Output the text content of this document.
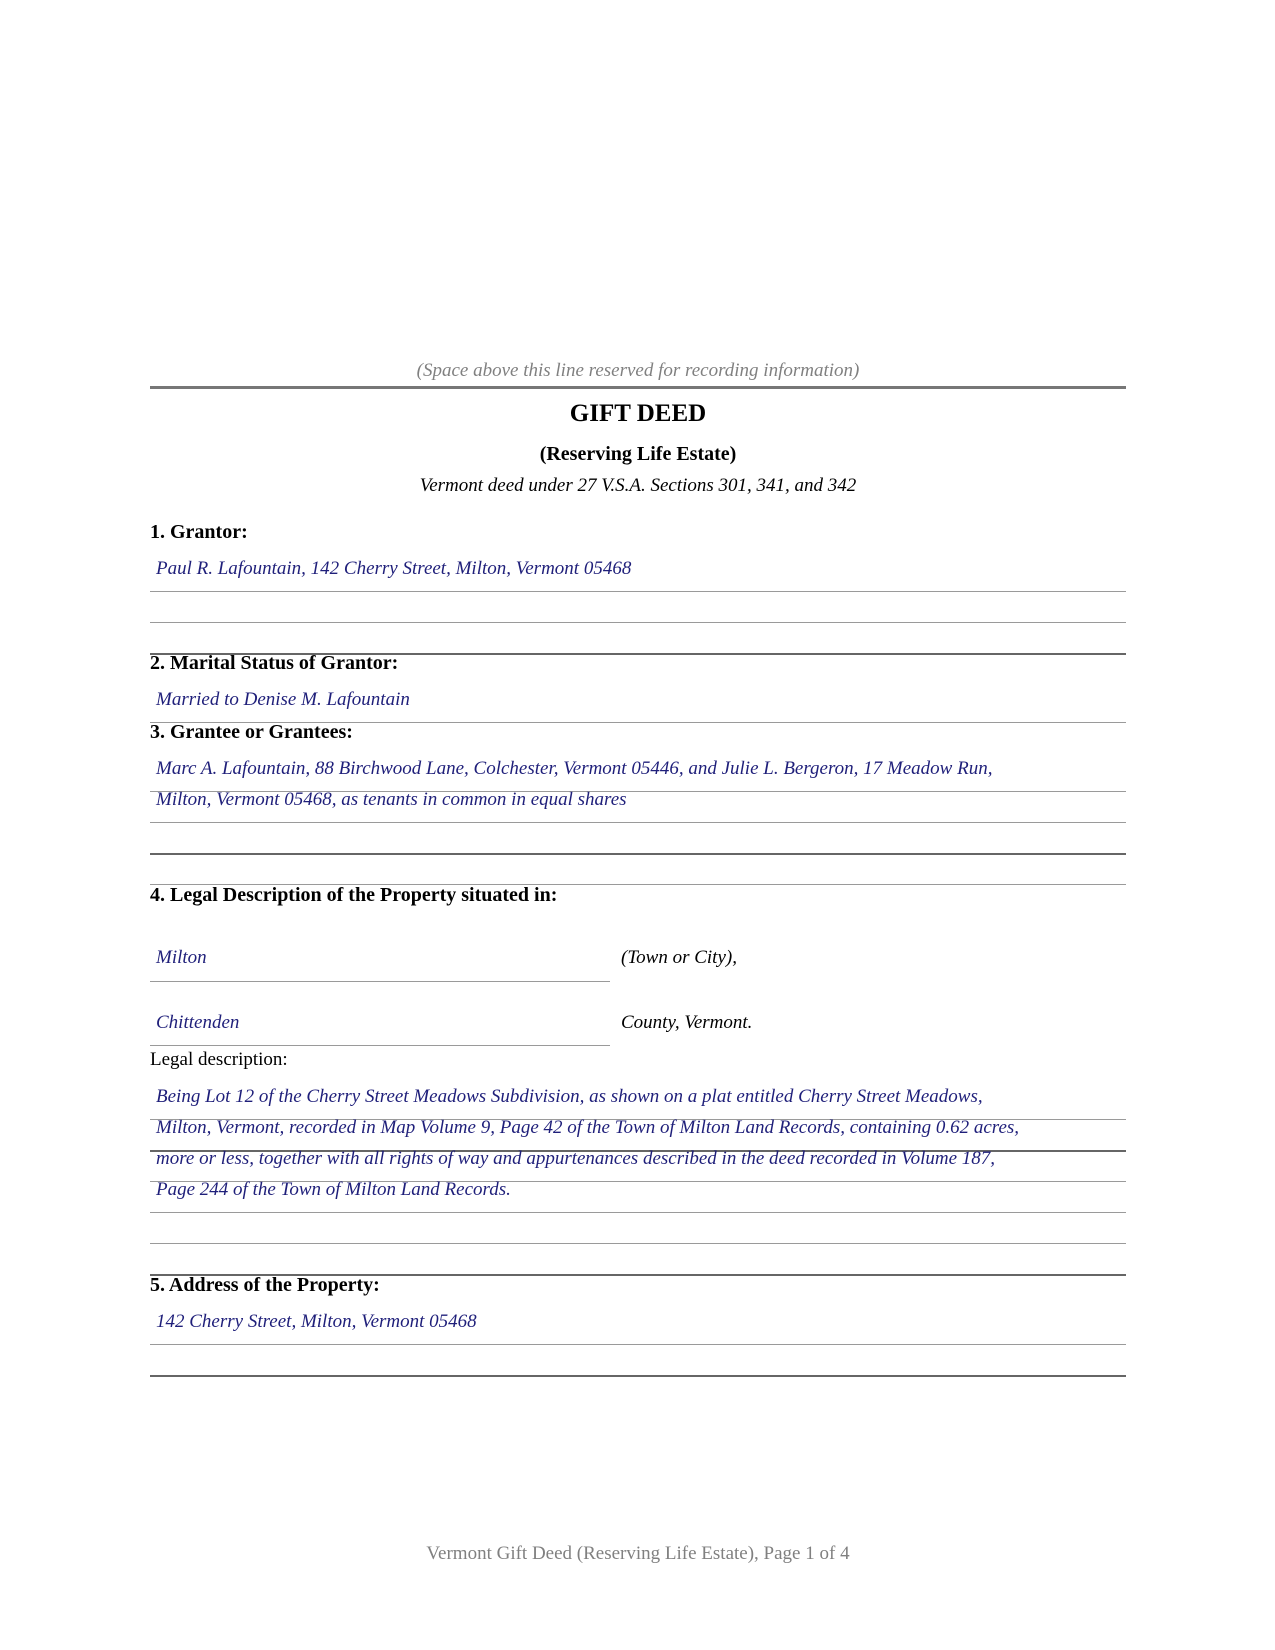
(Space above this line reserved for recording information)
GIFT DEED
(Reserving Life Estate)
Vermont deed under 27 V.S.A. Sections 301, 341, and 342
1. Grantor:
Paul R. Lafountain, 142 Cherry Street, Milton, Vermont 05468
2. Marital Status of Grantor:
Married to Denise M. Lafountain
3. Grantee or Grantees:
Marc A. Lafountain, 88 Birchwood Lane, Colchester, Vermont 05446, and Julie L. Bergeron, 17 Meadow Run,
Milton, Vermont 05468, as tenants in common in equal shares
4. Legal Description of the Property situated in:
Milton	(Town or City),
Chittenden	County, Vermont.
Legal description:
Being Lot 12 of the Cherry Street Meadows Subdivision, as shown on a plat entitled Cherry Street Meadows,
Milton, Vermont, recorded in Map Volume 9, Page 42 of the Town of Milton Land Records, containing 0.62 acres,
more or less, together with all rights of way and appurtenances described in the deed recorded in Volume 187,
Page 244 of the Town of Milton Land Records.
5. Address of the Property:
142 Cherry Street, Milton, Vermont 05468
Vermont Gift Deed (Reserving Life Estate), Page 1 of 4
